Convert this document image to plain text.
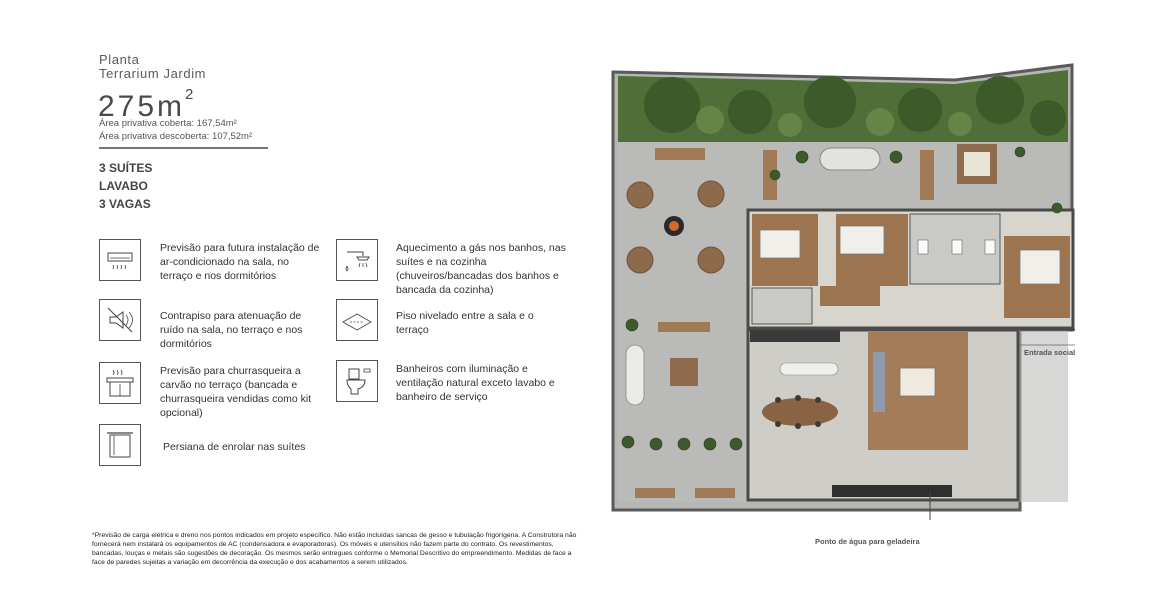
Planta
Terrarium Jardim
$275m^2$
Área privativa coberta: 167,54m²
Área privativa descoberta: 107,52m²
3 SUÍTES
LAVABO
3 VAGAS
Previsão para futura instalação de ar-condicionado na sala, no terraço e nos dormitórios
Contrapiso para atenuação de ruído na sala, no terraço e nos dormitórios
Previsão para churrasqueira a carvão no terraço (bancada e churrasqueira vendidas como kit opcional)
Persiana de enrolar nas suítes
Aquecimento a gás nos banhos, nas suítes e na cozinha (chuveiros/bancadas dos banhos e bancada da cozinha)
Piso nivelado entre a sala e o terraço
Banheiros com iluminação e ventilação natural exceto lavabo e banheiro de serviço
*Previsão de carga elétrica e dreno nos pontos indicados em projeto específico. Não estão incluídas sancas de gesso e tubulação frigorígena. A Construtora não fornecerá nem instalará os equipamentos de AC (condensadora e evaporadoras). Os móveis e utensílios não fazem parte do contrato. Os revestimentos, bancadas, louças e metais são sugestões de decoração. Os mesmos serão entregues conforme o Memorial Descritivo do empreendimento. Medidas de face a face de paredes sujeitas a variação em decorrência da execução e dos acabamentos a serem utilizados.
Entrada social
Ponto de água para geladeira
